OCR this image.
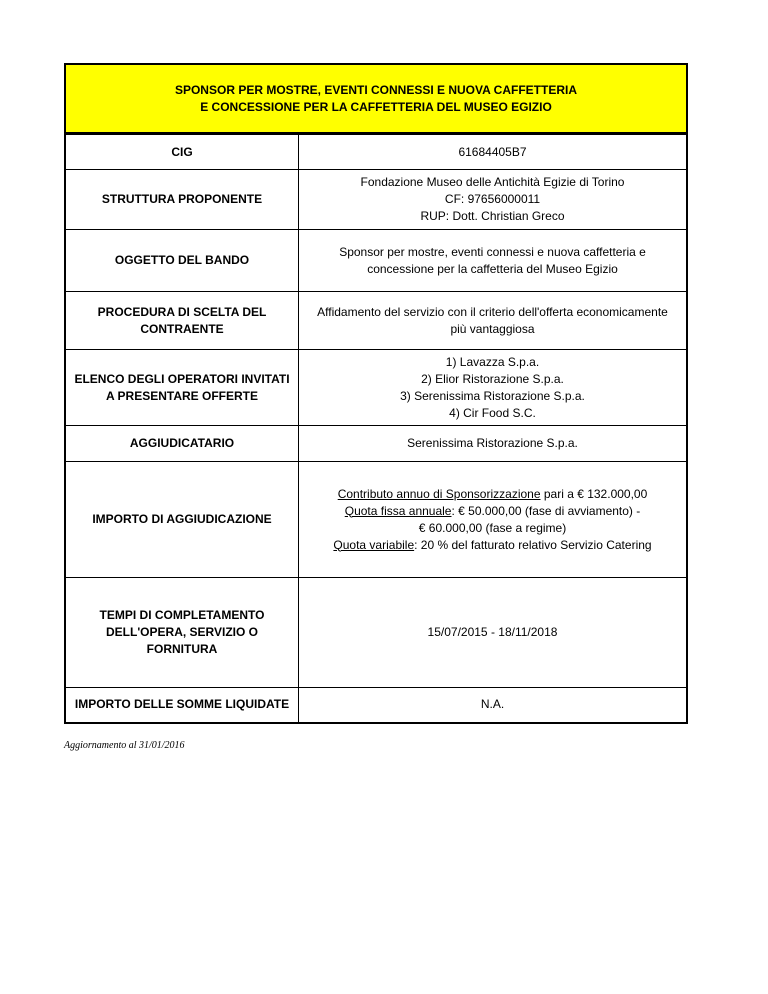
SPONSOR PER MOSTRE, EVENTI CONNESSI E NUOVA CAFFETTERIA
E CONCESSIONE PER LA CAFFETTERIA DEL MUSEO EGIZIO
CIG	61684405B7
STRUTTURA PROPONENTE	Fondazione Museo delle Antichità Egizie di Torino
CF: 97656000011
RUP: Dott. Christian Greco

OGGETTO DEL BANDO	Sponsor per mostre, eventi connessi e nuova caffetteria e
concessione per la caffetteria del Museo Egizio

PROCEDURA DI SCELTA DEL
CONTRAENTE	Affidamento del servizio con il criterio dell'offerta economicamente
più vantaggiosa

ELENCO DEGLI OPERATORI INVITATI
A PRESENTARE OFFERTE	1) Lavazza S.p.a.
2) Elior Ristorazione S.p.a.
3) Serenissima Ristorazione S.p.a.
4) Cir Food S.C.

AGGIUDICATARIO	Serenissima Ristorazione S.p.a.
IMPORTO DI AGGIUDICAZIONE	Contributo annuo di Sponsorizzazione pari a € 132.000,00
Quota fissa annuale: € 50.000,00 (fase di avviamento) -
€ 60.000,00 (fase a regime)
Quota variabile: 20 % del fatturato relativo Servizio Catering

TEMPI DI COMPLETAMENTO
DELL'OPERA, SERVIZIO O
FORNITURA	15/07/2015 - 18/11/2018
IMPORTO DELLE SOMME LIQUIDATE	N.A.
Aggiornamento al 31/01/2016
